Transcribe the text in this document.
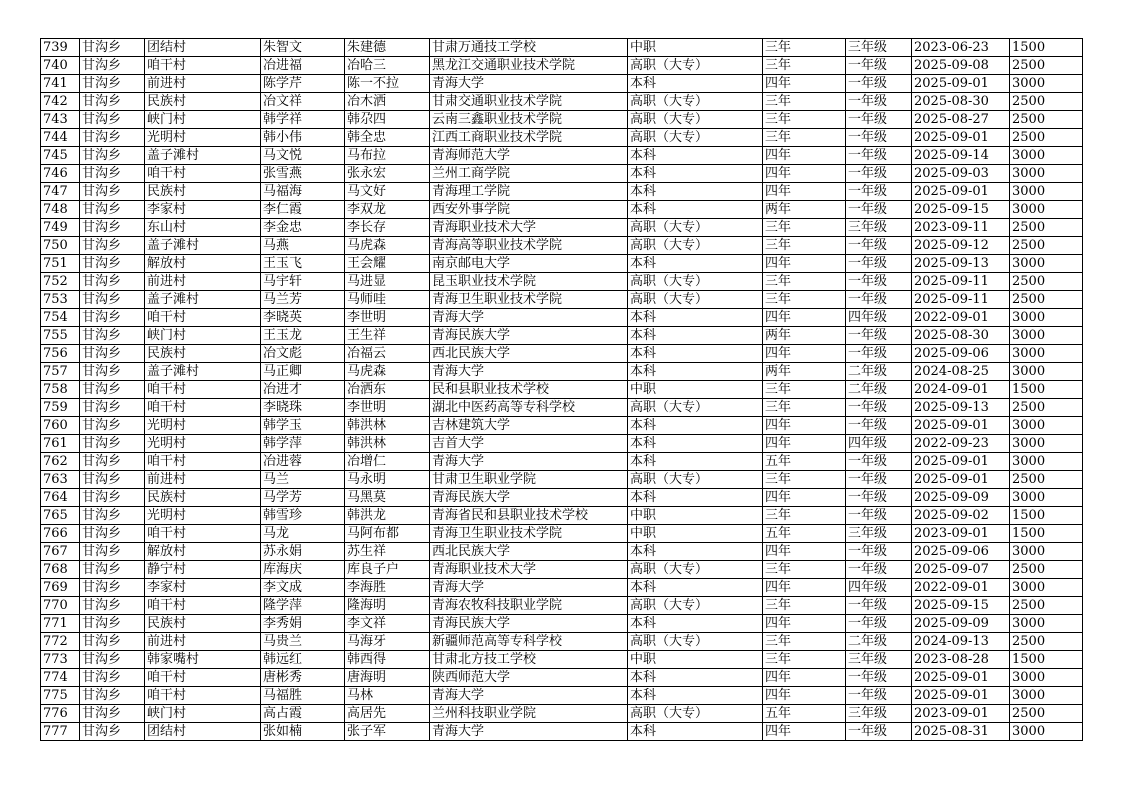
739	甘沟乡	团结村	朱智文	朱建德	甘肃万通技工学校	中职	三年	三年级	2023-06-23	1500
740	甘沟乡	咱干村	冶进福	冶哈三	黑龙江交通职业技术学院	高职（大专）	三年	一年级	2025-09-08	2500
741	甘沟乡	前进村	陈学芹	陈一不拉	青海大学	本科	四年	一年级	2025-09-01	3000
742	甘沟乡	民族村	冶文祥	冶木洒	甘肃交通职业技术学院	高职（大专）	三年	一年级	2025-08-30	2500
743	甘沟乡	峡门村	韩学祥	韩尕四	云南三鑫职业技术学院	高职（大专）	三年	一年级	2025-08-27	2500
744	甘沟乡	光明村	韩小伟	韩全忠	江西工商职业技术学院	高职（大专）	三年	一年级	2025-09-01	2500
745	甘沟乡	盖子滩村	马文悦	马布拉	青海师范大学	本科	四年	一年级	2025-09-14	3000
746	甘沟乡	咱干村	张雪燕	张永宏	兰州工商学院	本科	四年	一年级	2025-09-03	3000
747	甘沟乡	民族村	马福海	马文好	青海理工学院	本科	四年	一年级	2025-09-01	3000
748	甘沟乡	李家村	李仁霞	李双龙	西安外事学院	本科	两年	一年级	2025-09-15	3000
749	甘沟乡	东山村	李金忠	李长存	青海职业技术大学	高职（大专）	三年	三年级	2023-09-11	2500
750	甘沟乡	盖子滩村	马燕	马虎森	青海高等职业技术学院	高职（大专）	三年	一年级	2025-09-12	2500
751	甘沟乡	解放村	王玉飞	王会耀	南京邮电大学	本科	四年	一年级	2025-09-13	3000
752	甘沟乡	前进村	马宇轩	马进显	昆玉职业技术学院	高职（大专）	三年	一年级	2025-09-11	2500
753	甘沟乡	盖子滩村	马兰芳	马师哇	青海卫生职业技术学院	高职（大专）	三年	一年级	2025-09-11	2500
754	甘沟乡	咱干村	李晓英	李世明	青海大学	本科	四年	四年级	2022-09-01	3000
755	甘沟乡	峡门村	王玉龙	王生祥	青海民族大学	本科	两年	一年级	2025-08-30	3000
756	甘沟乡	民族村	冶文彪	冶福云	西北民族大学	本科	四年	一年级	2025-09-06	3000
757	甘沟乡	盖子滩村	马正卿	马虎森	青海大学	本科	两年	二年级	2024-08-25	3000
758	甘沟乡	咱干村	冶进才	冶洒东	民和县职业技术学校	中职	三年	二年级	2024-09-01	1500
759	甘沟乡	咱干村	李晓珠	李世明	湖北中医药高等专科学校	高职（大专）	三年	一年级	2025-09-13	2500
760	甘沟乡	光明村	韩学玉	韩洪林	吉林建筑大学	本科	四年	一年级	2025-09-01	3000
761	甘沟乡	光明村	韩学萍	韩洪林	吉首大学	本科	四年	四年级	2022-09-23	3000
762	甘沟乡	咱干村	冶进蓉	冶增仁	青海大学	本科	五年	一年级	2025-09-01	3000
763	甘沟乡	前进村	马兰	马永明	甘肃卫生职业学院	高职（大专）	三年	一年级	2025-09-01	2500
764	甘沟乡	民族村	马学芳	马黑莫	青海民族大学	本科	四年	一年级	2025-09-09	3000
765	甘沟乡	光明村	韩雪珍	韩洪龙	青海省民和县职业技术学校	中职	三年	一年级	2025-09-02	1500
766	甘沟乡	咱干村	马龙	马阿布都	青海卫生职业技术学院	中职	五年	三年级	2023-09-01	1500
767	甘沟乡	解放村	苏永娟	苏生祥	西北民族大学	本科	四年	一年级	2025-09-06	3000
768	甘沟乡	静宁村	库海庆	库良子户	青海职业技术大学	高职（大专）	三年	一年级	2025-09-07	2500
769	甘沟乡	李家村	李文成	李海胜	青海大学	本科	四年	四年级	2022-09-01	3000
770	甘沟乡	咱干村	隆学萍	隆海明	青海农牧科技职业学院	高职（大专）	三年	一年级	2025-09-15	2500
771	甘沟乡	民族村	李秀娟	李文祥	青海民族大学	本科	四年	一年级	2025-09-09	3000
772	甘沟乡	前进村	马贵兰	马海牙	新疆师范高等专科学校	高职（大专）	三年	二年级	2024-09-13	2500
773	甘沟乡	韩家嘴村	韩远红	韩西得	甘肃北方技工学校	中职	三年	三年级	2023-08-28	1500
774	甘沟乡	咱干村	唐彬秀	唐海明	陕西师范大学	本科	四年	一年级	2025-09-01	3000
775	甘沟乡	咱干村	马福胜	马林	青海大学	本科	四年	一年级	2025-09-01	3000
776	甘沟乡	峡门村	高占霞	高居先	兰州科技职业学院	高职（大专）	五年	三年级	2023-09-01	2500
777	甘沟乡	团结村	张如楠	张子军	青海大学	本科	四年	一年级	2025-08-31	3000
